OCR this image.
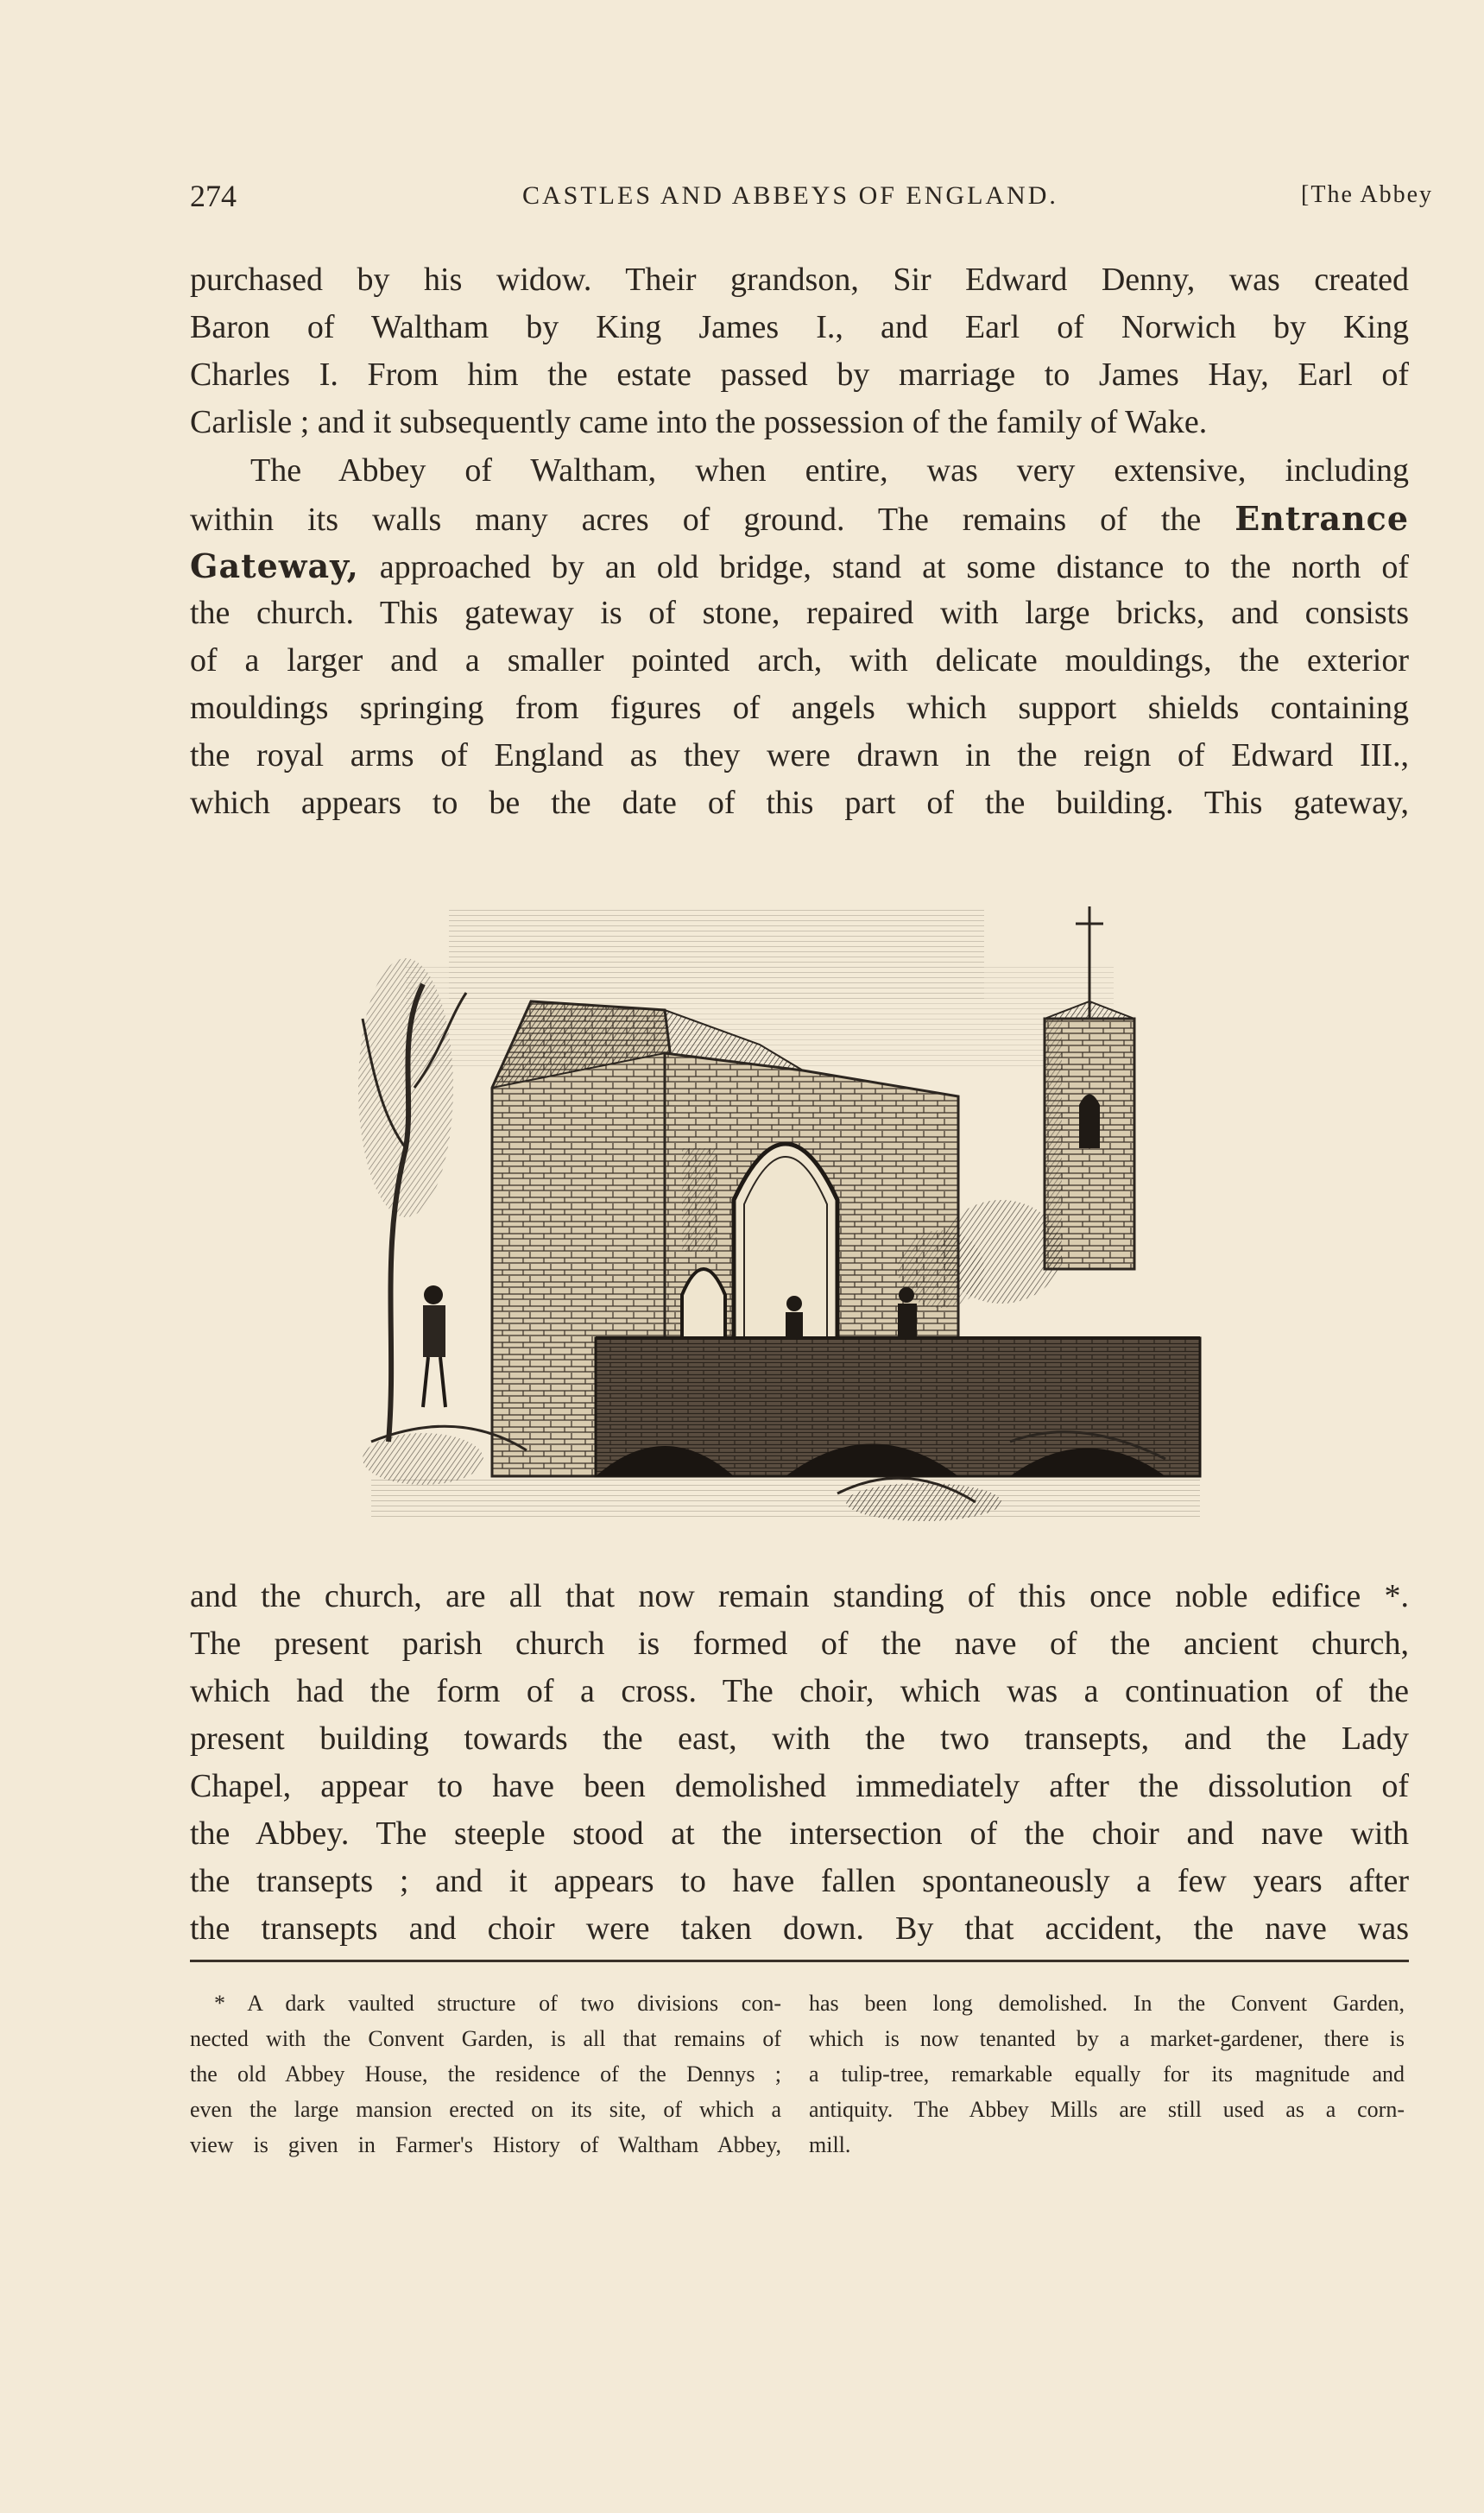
274	CASTLES AND ABBEYS OF ENGLAND.	[The Abbey
purchased by his widow. Their grandson, Sir Edward Denny, was created
Baron of Waltham by King James I., and Earl of Norwich by King
Charles I. From him the estate passed by marriage to James Hay, Earl of
Carlisle ; and it subsequently came into the possession of the family of Wake.
The Abbey of Waltham, when entire, was very extensive, including
within its walls many acres of ground. The remains of the Entrance
Gateway, approached by an old bridge, stand at some distance to the north of
the church. This gateway is of stone, repaired with large bricks, and consists
of a larger and a smaller pointed arch, with delicate mouldings, the exterior
mouldings springing from figures of angels which support shields containing
the royal arms of England as they were drawn in the reign of Edward III.,
which appears to be the date of this part of the building. This gateway,
and the church, are all that now remain standing of this once noble edifice *.
The present parish church is formed of the nave of the ancient church,
which had the form of a cross. The choir, which was a continuation of the
present building towards the east, with the two transepts, and the Lady
Chapel, appear to have been demolished immediately after the dissolution of
the Abbey. The steeple stood at the intersection of the choir and nave with
the transepts ; and it appears to have fallen spontaneously a few years after
the transepts and choir were taken down. By that accident, the nave was
* A dark vaulted structure of two divisions con-
nected with the Convent Garden, is all that remains of
the old Abbey House, the residence of the Dennys ;
even the large mansion erected on its site, of which a
view is given in Farmer's History of Waltham Abbey,
has been long demolished. In the Convent Garden,
which is now tenanted by a market-gardener, there is
a tulip-tree, remarkable equally for its magnitude and
antiquity. The Abbey Mills are still used as a corn-
mill.
